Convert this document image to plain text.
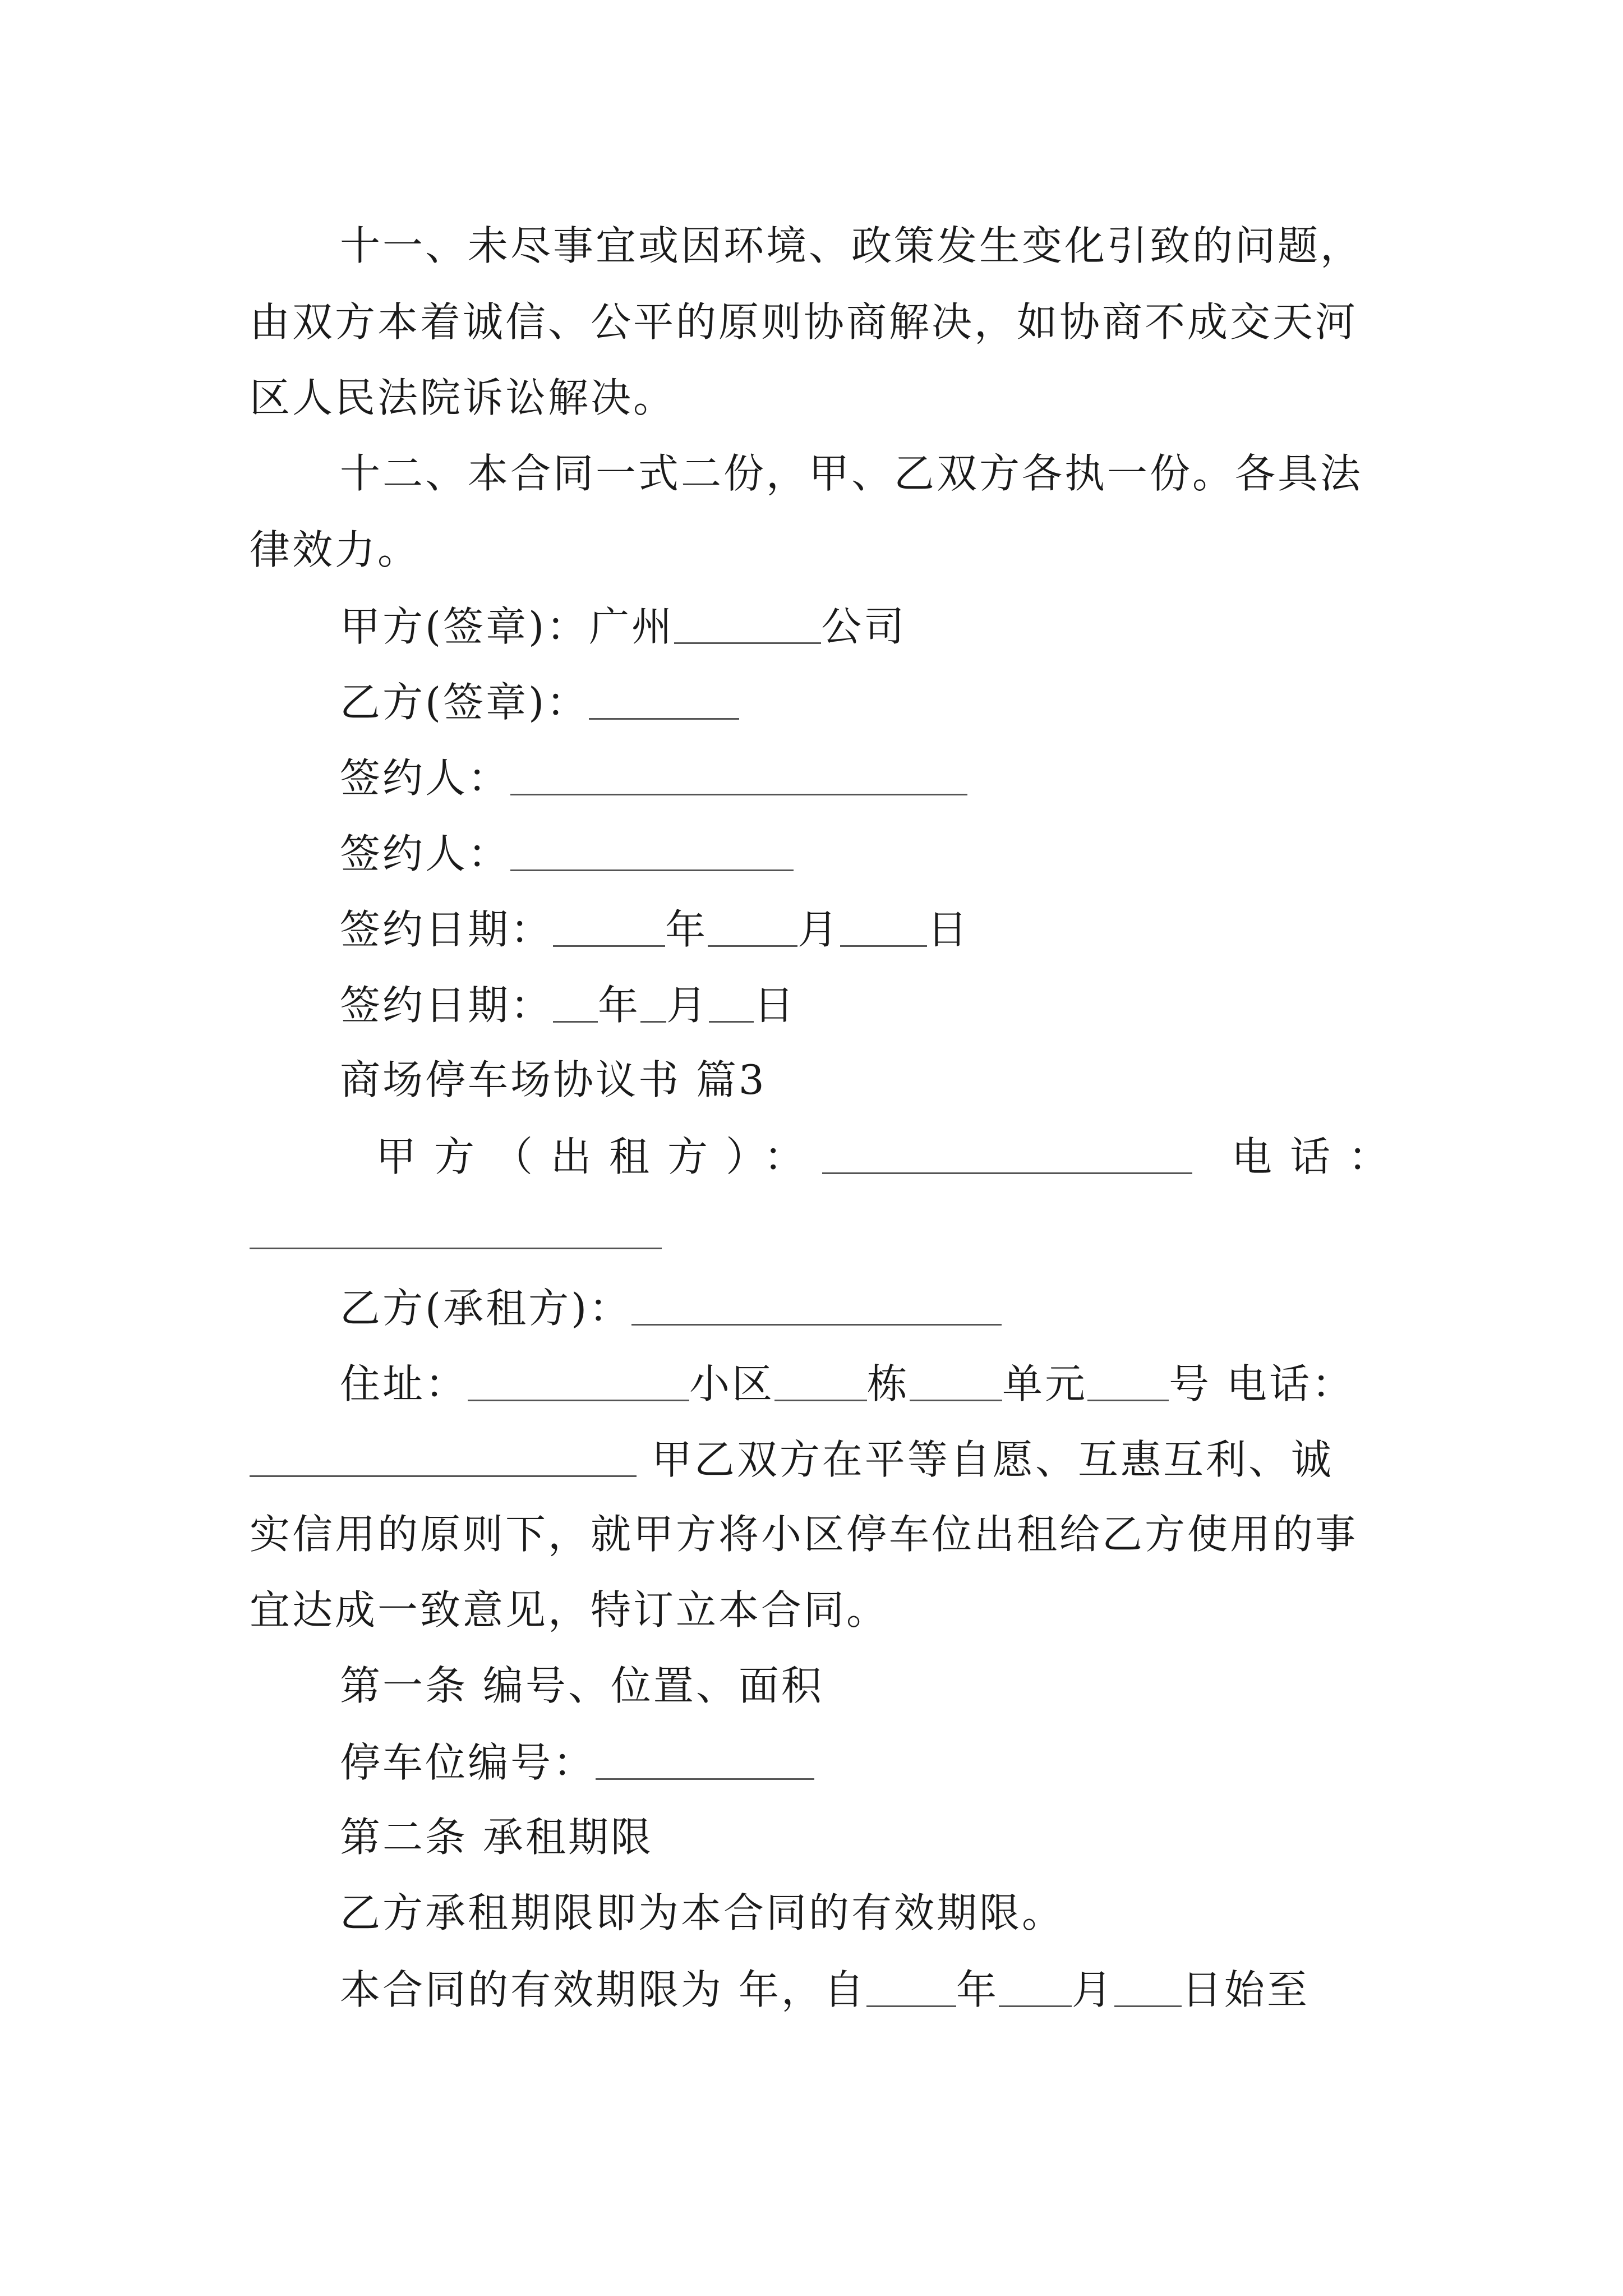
十一、未尽事宜或因环境、政策发生变化引致的问题，
由双方本着诚信、公平的原则协商解决，如协商不成交天河
区人民法院诉讼解决。
十二、本合同一式二份，甲、乙双方各执一份。各具法
律效力。
甲方(签章)：广州	公司
乙方(签章)：
签约人：
签约人：
签约日期：	年 月 日
签约日期： 年 月 日
商场停车场协议书 篇3
甲方（出租方）：	电话：
乙方(承租方)：
住址：	小区 栋 单元 号 电话：
甲乙双方在平等自愿、互惠互利、诚
实信用的原则下，就甲方将小区停车位出租给乙方使用的事
宜达成一致意见，特订立本合同。
第一条 编号、位置、面积
停车位编号：
第二条 承租期限
乙方承租期限即为本合同的有效期限。
本合同的有效期限为 年，自 年 月 日始至
